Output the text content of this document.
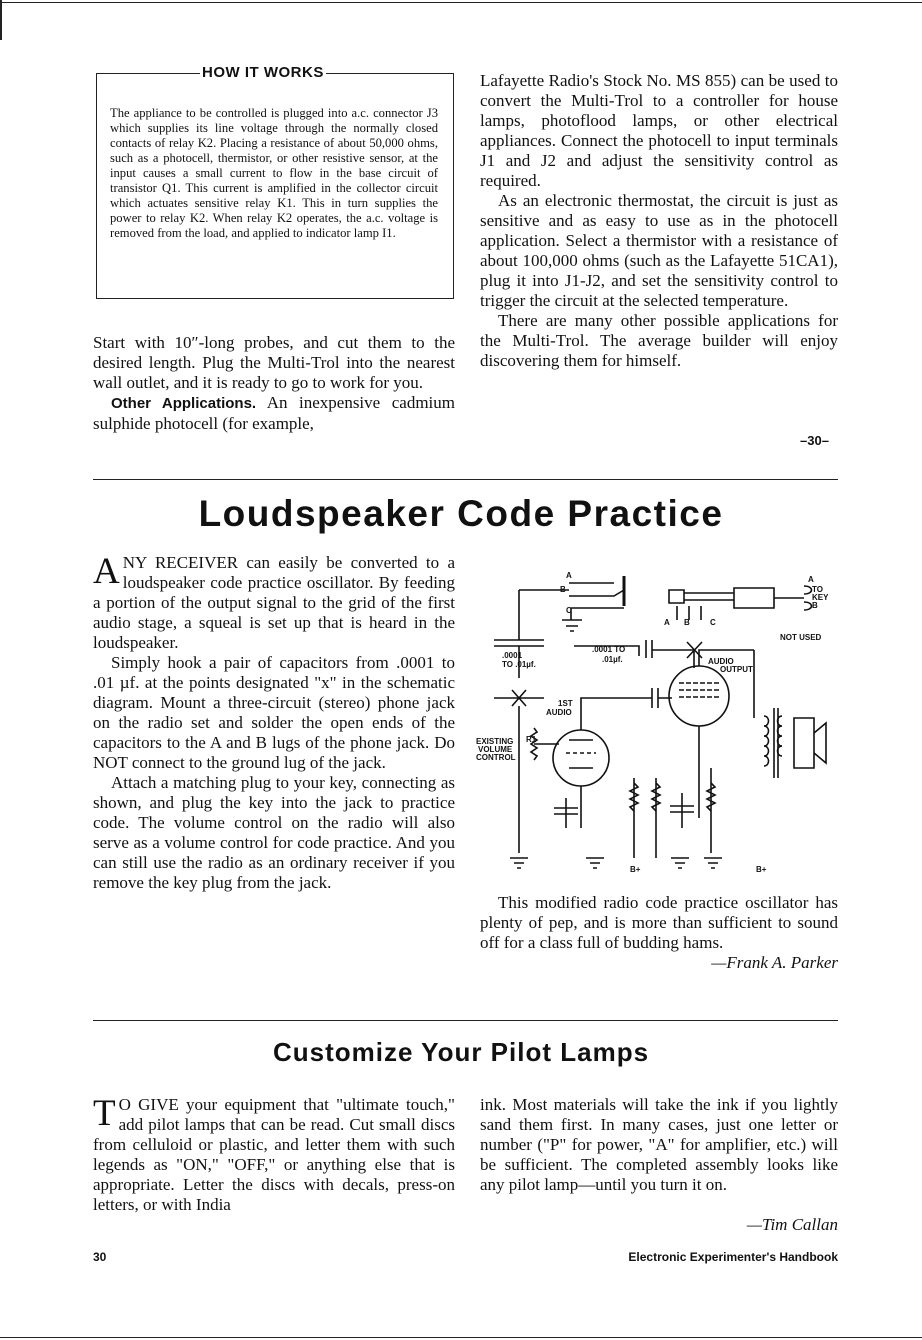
HOW IT WORKS

The appliance to be controlled is plugged into a.c. connector J3 which supplies its line voltage through the normally closed contacts of relay K2. Placing a resistance of about 50,000 ohms, such as a photocell, thermistor, or other resistive sensor, at the input causes a small current to flow in the base circuit of transistor Q1. This current is amplified in the collector circuit which actuates sensitive relay K1. This in turn supplies the power to relay K2. When relay K2 operates, the a.c. voltage is removed from the load, and applied to indicator lamp I1.

Start with 10″-long probes, and cut them to the desired length. Plug the Multi-Trol into the nearest wall outlet, and it is ready to go to work for you.

Other Applications. An inexpensive cadmium sulphide photocell (for example,

Lafayette Radio's Stock No. MS 855) can be used to convert the Multi-Trol to a controller for house lamps, photoflood lamps, or other electrical appliances. Connect the photocell to input terminals J1 and J2 and adjust the sensitivity control as required.

As an electronic thermostat, the circuit is just as sensitive and as easy to use as in the photocell application. Select a thermistor with a resistance of about 100,000 ohms (such as the Lafayette 51CA1), plug it into J1-J2, and set the sensitivity control to trigger the circuit at the selected temperature.

There are many other possible applications for the Multi-Trol. The average builder will enjoy discovering them for himself.

–30–
Loudspeaker Code Practice

ANY RECEIVER can easily be converted to a loudspeaker code practice oscillator. By feeding a portion of the output signal to the grid of the first audio stage, a squeal is set up that is heard in the loudspeaker.

Simply hook a pair of capacitors from .0001 to .01 µf. at the points designated "x" in the schematic diagram. Mount a three-circuit (stereo) phone jack on the radio set and solder the open ends of the capacitors to the A and B lugs of the phone jack. Do NOT connect to the ground lug of the jack.

Attach a matching plug to your key, connecting as shown, and plug the key into the jack to practice code. The volume control on the radio will also serve as a volume control for code practice. And you can still use the radio as an ordinary receiver if you remove the key plug from the jack.

A
B
C
A B	C
A
TO
KEY
B
NOT USED
.0001
TO .01µf.
.0001 TO
.01µf.	AUDIO
OUTPUT
1ST
AUDIO
EXISTING
VOLUME
CONTROL
R1
B+	B+

This modified radio code practice oscillator has plenty of pep, and is more than sufficient to sound off for a class full of budding hams.

—Frank A. Parker

Customize Your Pilot Lamps

T O GIVE your equipment that "ultimate touch," add pilot lamps that can be read. Cut small discs from celluloid or plastic, and letter them with such legends as "ON," "OFF," or anything else that is appropriate. Letter the discs with decals, press-on letters, or with India

ink. Most materials will take the ink if you lightly sand them first. In many cases, just one letter or number ("P" for power, "A" for amplifier, etc.) will be sufficient. The completed assembly looks like any pilot lamp—until you turn it on.

—Tim Callan
30	Electronic Experimenter's Handbook
